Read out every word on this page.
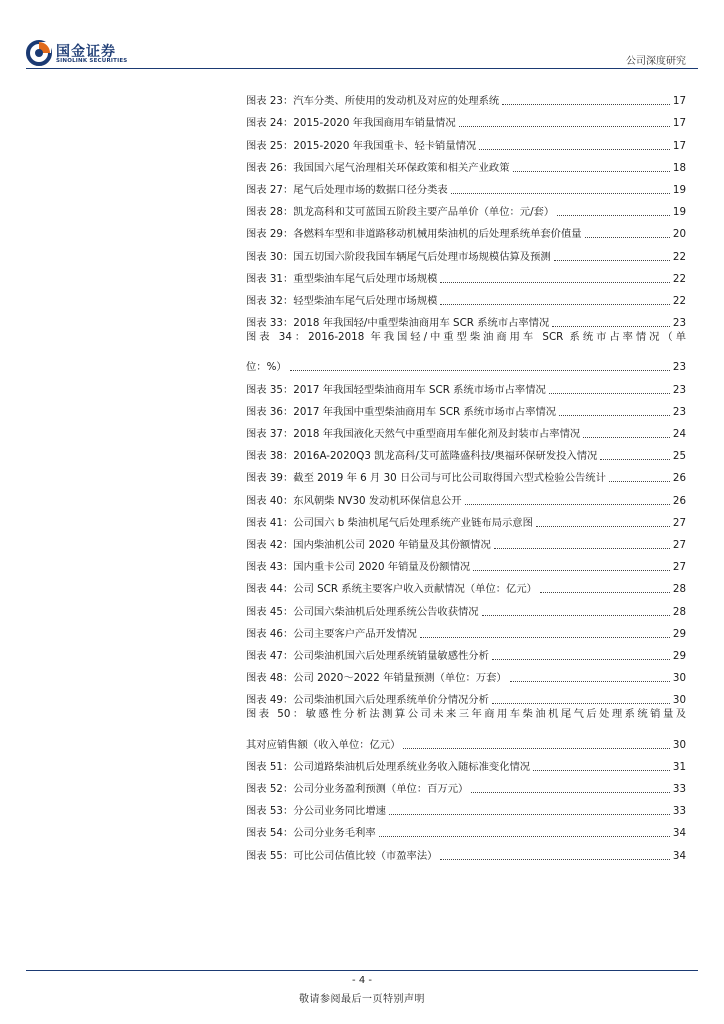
国金证券
SINOLINK SECURITIES	公司深度研究
图表 23：汽车分类、所使用的发动机及对应的处理系统	17
图表 24：2015-2020 年我国商用车销量情况	17
图表 25：2015-2020 年我国重卡、轻卡销量情况	17
图表 26：我国国六尾气治理相关环保政策和相关产业政策	18
图表 27：尾气后处理市场的数据口径分类表	19
图表 28：凯龙高科和艾可蓝国五阶段主要产品单价（单位：元/套）	19
图表 29：各燃料车型和非道路移动机械用柴油机的后处理系统单套价值量	20
图表 30：国五切国六阶段我国车辆尾气后处理市场规模估算及预测	22
图表 31：重型柴油车尾气后处理市场规模	22
图表 32：轻型柴油车尾气后处理市场规模	22
图表 33：2018 年我国轻/中重型柴油商用车 SCR 系统市占率情况	23
图表 34：2016-2018 年我国轻/中重型柴油商用车 SCR 系统市占率情况（单
位：%）	23
图表 35：2017 年我国轻型柴油商用车 SCR 系统市场市占率情况	23
图表 36：2017 年我国中重型柴油商用车 SCR 系统市场市占率情况	23
图表 37：2018 年我国液化天然气中重型商用车催化剂及封装市占率情况	24
图表 38：2016A-2020Q3 凯龙高科/艾可蓝隆盛科技/奥福环保研发投入情况	25
图表 39：截至 2019 年 6 月 30 日公司与可比公司取得国六型式检验公告统计	26
图表 40：东风朝柴 NV30 发动机环保信息公开	26
图表 41：公司国六 b 柴油机尾气后处理系统产业链布局示意图	27
图表 42：国内柴油机公司 2020 年销量及其份额情况	27
图表 43：国内重卡公司 2020 年销量及份额情况	27
图表 44：公司 SCR 系统主要客户收入贡献情况（单位：亿元）	28
图表 45：公司国六柴油机后处理系统公告收获情况	28
图表 46：公司主要客户产品开发情况	29
图表 47：公司柴油机国六后处理系统销量敏感性分析	29
图表 48：公司 2020～2022 年销量预测（单位：万套）	30
图表 49：公司柴油机国六后处理系统单价分情况分析	30
图表 50：敏感性分析法测算公司未来三年商用车柴油机尾气后处理系统销量及
其对应销售额（收入单位：亿元）	30
图表 51：公司道路柴油机后处理系统业务收入随标准变化情况	31
图表 52：公司分业务盈利预测（单位：百万元）	33
图表 53：分公司业务同比增速	33
图表 54：公司分业务毛利率	34
图表 55：可比公司估值比较（市盈率法）	34
- 4 -
敬请参阅最后一页特别声明
